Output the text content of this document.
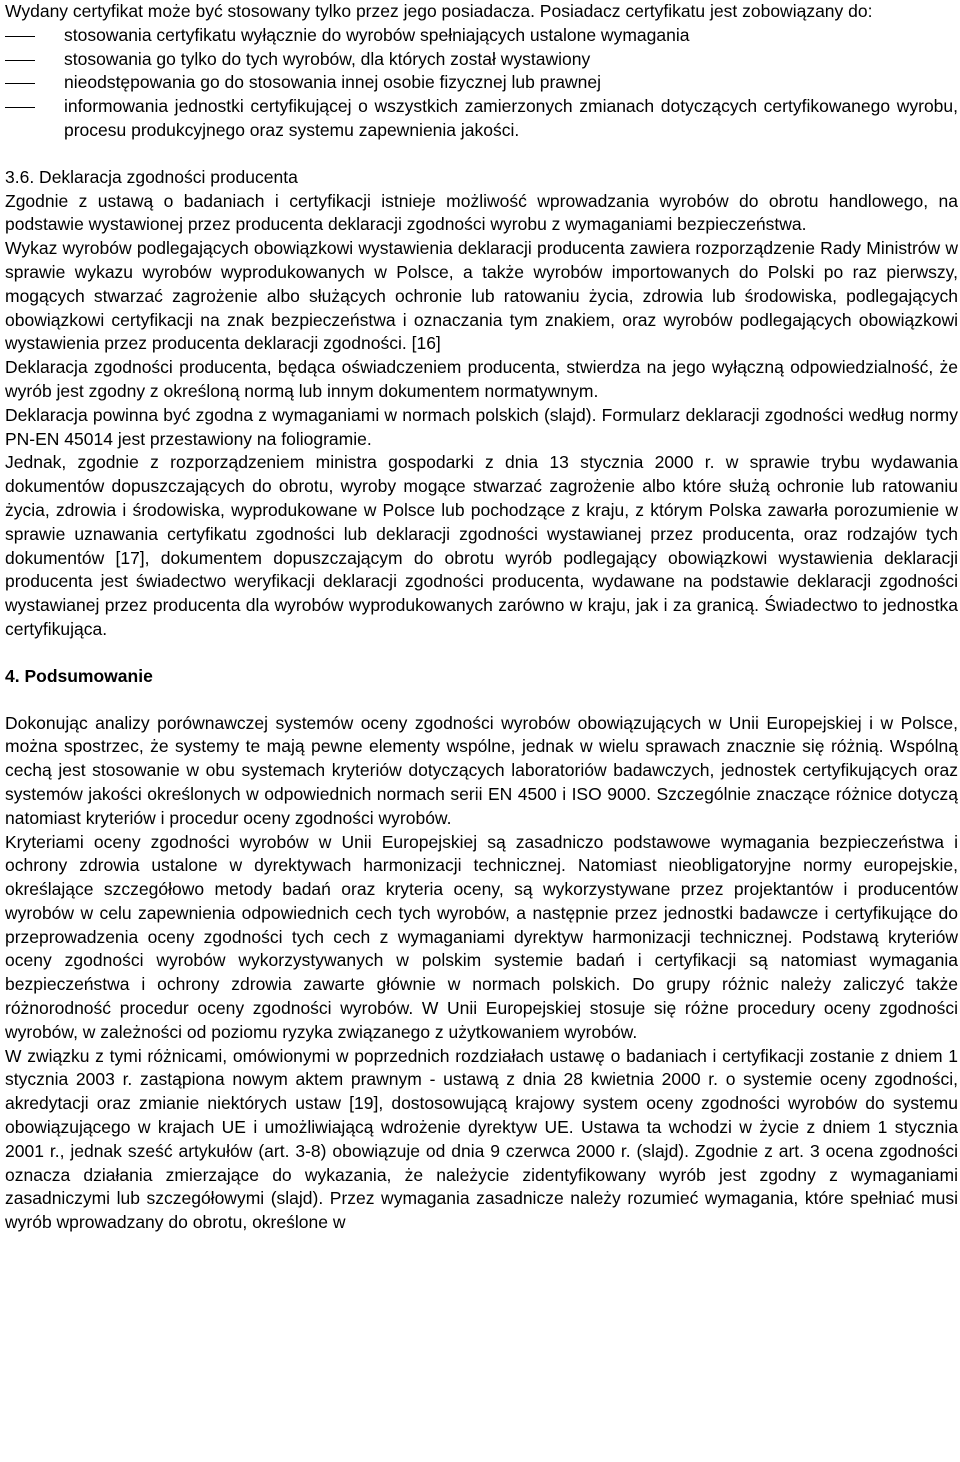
Wydany certyfikat może być stosowany tylko przez jego posiadacza. Posiadacz certyfikatu jest zobowiązany do:

stosowania certyfikatu wyłącznie do wyrobów spełniających ustalone wymagania
stosowania go tylko do tych wyrobów, dla których został wystawiony
nieodstępowania go do stosowania innej osobie fizycznej lub prawnej
informowania jednostki certyfikującej o wszystkich zamierzonych zmianach dotyczących certyfikowanego wyrobu, procesu produkcyjnego oraz systemu zapewnienia jakości.

3.6. Deklaracja zgodności producenta

Zgodnie z ustawą o badaniach i certyfikacji istnieje możliwość wprowadzania wyrobów do obrotu handlowego, na podstawie wystawionej przez producenta deklaracji zgodności wyrobu z wymaganiami bezpieczeństwa.

Wykaz wyrobów podlegających obowiązkowi wystawienia deklaracji producenta zawiera rozporządzenie Rady Ministrów w sprawie wykazu wyrobów wyprodukowanych w Polsce, a także wyrobów importowanych do Polski po raz pierwszy, mogących stwarzać zagrożenie albo służących ochronie lub ratowaniu życia, zdrowia lub środowiska, podlegających obowiązkowi certyfikacji na znak bezpieczeństwa i oznaczania tym znakiem, oraz wyrobów podlegających obowiązkowi wystawienia przez producenta deklaracji zgodności. [16]

Deklaracja zgodności producenta, będąca oświadczeniem producenta, stwierdza na jego wyłączną odpowiedzialność, że wyrób jest zgodny z określoną normą lub innym dokumentem normatywnym.

Deklaracja powinna być zgodna z wymaganiami w normach polskich (slajd). Formularz deklaracji zgodności według normy PN-EN 45014 jest przestawiony na foliogramie.

Jednak, zgodnie z rozporządzeniem ministra gospodarki z dnia 13 stycznia 2000 r. w sprawie trybu wydawania dokumentów dopuszczających do obrotu, wyroby mogące stwarzać zagrożenie albo które służą ochronie lub ratowaniu życia, zdrowia i środowiska, wyprodukowane w Polsce lub pochodzące z kraju, z którym Polska zawarła porozumienie w sprawie uznawania certyfikatu zgodności lub deklaracji zgodności wystawianej przez producenta, oraz rodzajów tych dokumentów [17], dokumentem dopuszczającym do obrotu wyrób podlegający obowiązkowi wystawienia deklaracji producenta jest świadectwo weryfikacji deklaracji zgodności producenta, wydawane na podstawie deklaracji zgodności wystawianej przez producenta dla wyrobów wyprodukowanych zarówno w kraju, jak i za granicą. Świadectwo to jednostka certyfikująca.

4. Podsumowanie

Dokonując analizy porównawczej systemów oceny zgodności wyrobów obowiązujących w Unii Europejskiej i w Polsce, można spostrzec, że systemy te mają pewne elementy wspólne, jednak w wielu sprawach znacznie się różnią. Wspólną cechą jest stosowanie w obu systemach kryteriów dotyczących laboratoriów badawczych, jednostek certyfikujących oraz systemów jakości określonych w odpowiednich normach serii EN 4500 i ISO 9000. Szczególnie znaczące różnice dotyczą natomiast kryteriów i procedur oceny zgodności wyrobów.

Kryteriami oceny zgodności wyrobów w Unii Europejskiej są zasadniczo podstawowe wymagania bezpieczeństwa i ochrony zdrowia ustalone w dyrektywach harmonizacji technicznej. Natomiast nieobligatoryjne normy europejskie, określające szczegółowo metody badań oraz kryteria oceny, są wykorzystywane przez projektantów i producentów wyrobów w celu zapewnienia odpowiednich cech tych wyrobów, a następnie przez jednostki badawcze i certyfikujące do przeprowadzenia oceny zgodności tych cech z wymaganiami dyrektyw harmonizacji technicznej. Podstawą kryteriów oceny zgodności wyrobów wykorzystywanych w polskim systemie badań i certyfikacji są natomiast wymagania bezpieczeństwa i ochrony zdrowia zawarte głównie w normach polskich. Do grupy różnic należy zaliczyć także różnorodność procedur oceny zgodności wyrobów. W Unii Europejskiej stosuje się różne procedury oceny zgodności wyrobów, w zależności od poziomu ryzyka związanego z użytkowaniem wyrobów.

W związku z tymi różnicami, omówionymi w poprzednich rozdziałach ustawę o badaniach i certyfikacji zostanie z dniem 1 stycznia 2003 r. zastąpiona nowym aktem prawnym - ustawą z dnia 28 kwietnia 2000 r. o systemie oceny zgodności, akredytacji oraz zmianie niektórych ustaw [19], dostosowującą krajowy system oceny zgodności wyrobów do systemu obowiązującego w krajach UE i umożliwiającą wdrożenie dyrektyw UE. Ustawa ta wchodzi w życie z dniem 1 stycznia 2001 r., jednak sześć artykułów (art. 3-8) obowiązuje od dnia 9 czerwca 2000 r. (slajd). Zgodnie z art. 3 ocena zgodności oznacza działania zmierzające do wykazania, że należycie zidentyfikowany wyrób jest zgodny z wymaganiami zasadniczymi lub szczegółowymi (slajd). Przez wymagania zasadnicze należy rozumieć wymagania, które spełniać musi wyrób wprowadzany do obrotu, określone w
